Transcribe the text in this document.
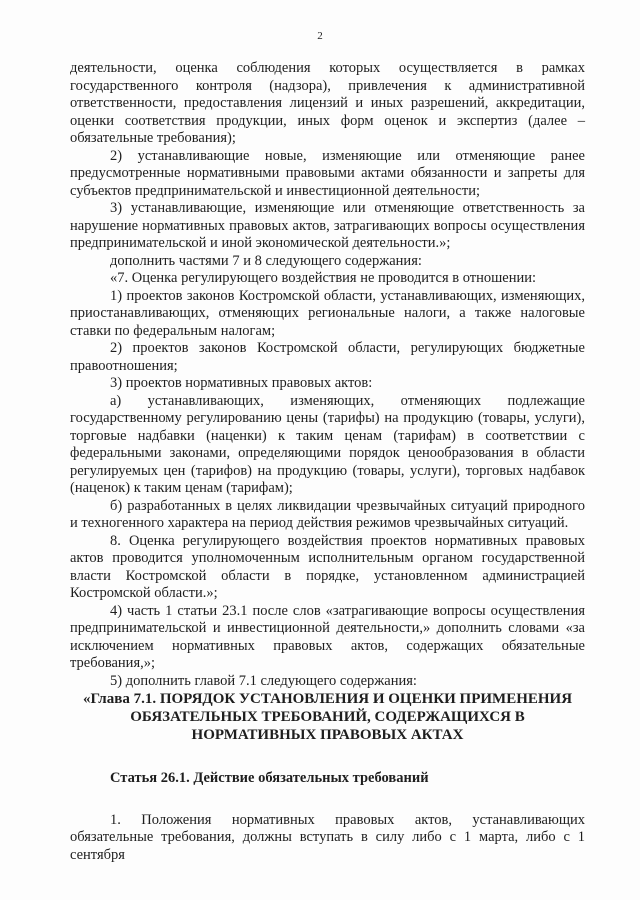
2

деятельности, оценка соблюдения которых осуществляется в рамках государственного контроля (надзора), привлечения к административной ответственности, предоставления лицензий и иных разрешений, аккредитации, оценки соответствия продукции, иных форм оценок и экспертиз (далее – обязательные требования);

2) устанавливающие новые, изменяющие или отменяющие ранее предусмотренные нормативными правовыми актами обязанности и запреты для субъектов предпринимательской и инвестиционной деятельности;

3) устанавливающие, изменяющие или отменяющие ответственность за нарушение нормативных правовых актов, затрагивающих вопросы осуществления предпринимательской и иной экономической деятельности.»;

дополнить частями 7 и 8 следующего содержания:

«7. Оценка регулирующего воздействия не проводится в отношении:

1) проектов законов Костромской области, устанавливающих, изменяющих, приостанавливающих, отменяющих региональные налоги, а также налоговые ставки по федеральным налогам;

2) проектов законов Костромской области, регулирующих бюджетные правоотношения;

3) проектов нормативных правовых актов:

а) устанавливающих, изменяющих, отменяющих подлежащие государственному регулированию цены (тарифы) на продукцию (товары, услуги), торговые надбавки (наценки) к таким ценам (тарифам) в соответствии с федеральными законами, определяющими порядок ценообразования в области регулируемых цен (тарифов) на продукцию (товары, услуги), торговых надбавок (наценок) к таким ценам (тарифам);

б) разработанных в целях ликвидации чрезвычайных ситуаций природного и техногенного характера на период действия режимов чрезвычайных ситуаций.

8. Оценка регулирующего воздействия проектов нормативных правовых актов проводится уполномоченным исполнительным органом государственной власти Костромской области в порядке, установленном администрацией Костромской области.»;

4) часть 1 статьи 23.1 после слов «затрагивающие вопросы осуществления предпринимательской и инвестиционной деятельности,» дополнить словами «за исключением нормативных правовых актов, содержащих обязательные требования,»;

5) дополнить главой 7.1 следующего содержания:

«Глава 7.1. ПОРЯДОК УСТАНОВЛЕНИЯ И ОЦЕНКИ ПРИМЕНЕНИЯ ОБЯЗАТЕЛЬНЫХ ТРЕБОВАНИЙ, СОДЕРЖАЩИХСЯ В НОРМАТИВНЫХ ПРАВОВЫХ АКТАХ

Статья 26.1. Действие обязательных требований

1. Положения нормативных правовых актов, устанавливающих обязательные требования, должны вступать в силу либо с 1 марта, либо с 1 сентября
